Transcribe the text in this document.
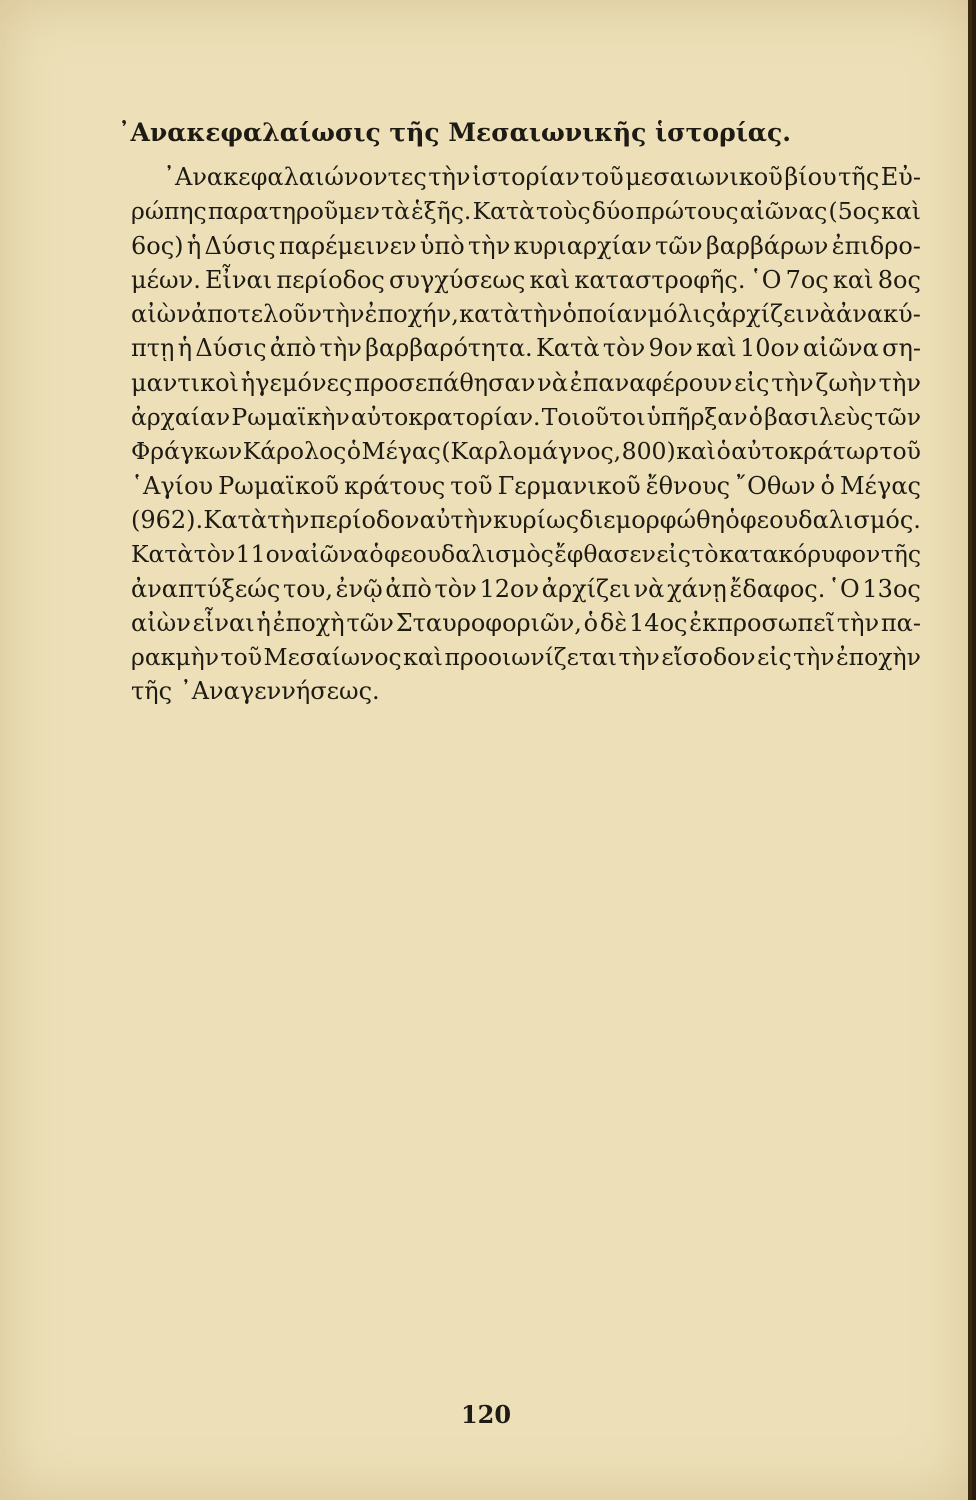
᾿Ανακεφαλαίωσις τῆς Μεσαιωνικῆς ἱστορίας.
᾿Ανακεφαλαιώνοντες τὴν ἱστορίαν τοῦ μεσαιωνικοῦ βίου τῆς Εὐ-
ρώπης παρατηροῦμεν τὰ ἑξῆς. Κατὰ τοὺς δύο πρώτους αἰῶνας (5ος καὶ
6ος) ἡ Δύσις παρέμεινεν ὑπὸ τὴν κυριαρχίαν τῶν βαρβάρων ἐπιδρο-
μέων. Εἶναι περίοδος συγχύσεως καὶ καταστροφῆς. ῾Ο 7ος καὶ 8ος
αἰὼν ἀποτελοῦν τὴν ἐποχήν, κατὰ τὴν ὁποίαν μόλις ἀρχίζει νὰ ἀνακύ-
πτῃ ἡ Δύσις ἀπὸ τὴν βαρβαρότητα. Κατὰ τὸν 9ον καὶ 10ον αἰῶνα ση-
μαντικοὶ ἡγεμόνες προσεπάθησαν νὰ ἐπαναφέρουν εἰς τὴν ζωὴν τὴν
ἀρχαίαν Ρωμαϊκὴν αὐτοκρατορίαν. Τοιοῦτοι ὑπῆρξαν ὁ βασιλεὺς τῶν
Φράγκων Κάρολος ὁ Μέγας (Καρλομάγνος, 800) καὶ ὁ αὐτοκράτωρ τοῦ
῾Αγίου Ρωμαϊκοῦ κράτους τοῦ Γερμανικοῦ ἔθνους ῎Οθων ὁ Μέγας
(962). Κατὰ τὴν περίοδον αὐτὴν κυρίως διεμορφώθη ὁ φεουδαλισμός.
Κατὰ τὸν 11ον αἰῶνα ὁ φεουδαλισμὸς ἔφθασεν εἰς τὸ κατακόρυφον τῆς
ἀναπτύξεώς του, ἐνῷ ἀπὸ τὸν 12ον ἀρχίζει νὰ χάνῃ ἔδαφος. ῾Ο 13ος
αἰὼν εἶναι ἡ ἐποχὴ τῶν Σταυροφοριῶν, ὁ δὲ 14ος ἐκπροσωπεῖ τὴν πα-
ρακμὴν τοῦ Μεσαίωνος καὶ προοιωνίζεται τὴν εἴσοδον εἰς τὴν ἐποχὴν
τῆς ᾿Αναγεννήσεως.
120
